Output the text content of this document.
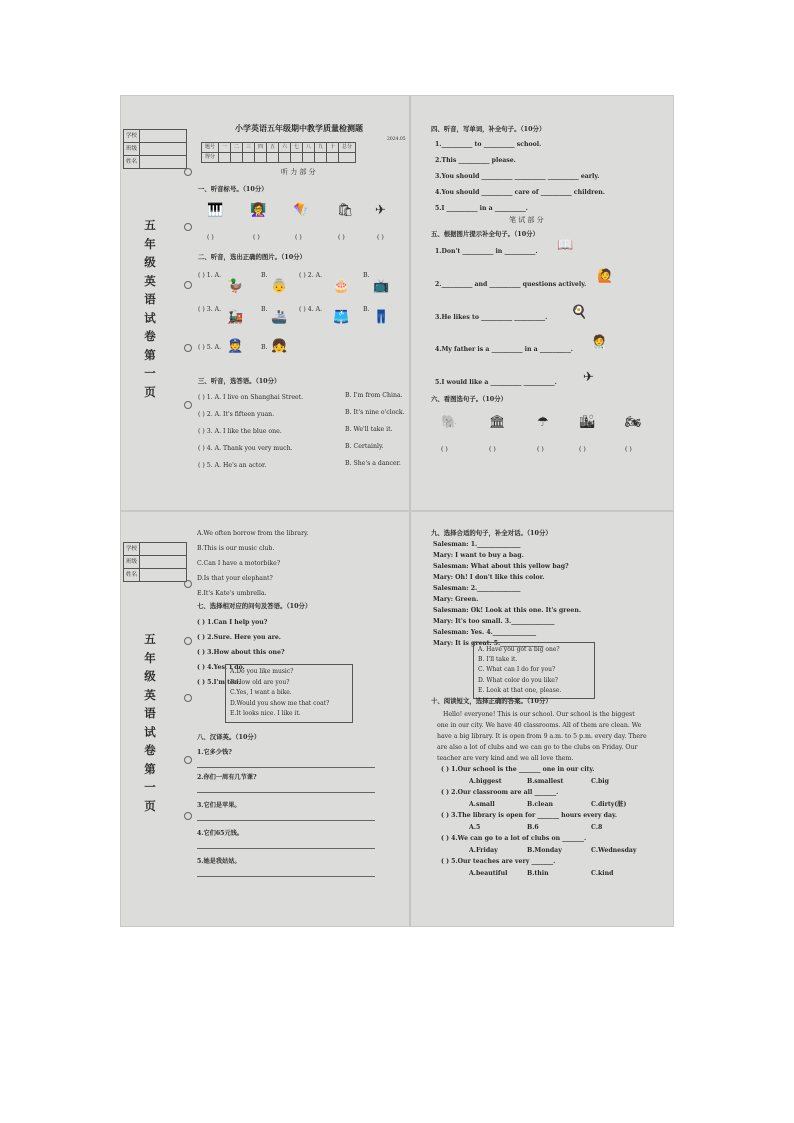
学校	
班级	
姓名	
五
年
级
英
语
试
卷
第
一
页
小学英语五年级期中教学质量检测题
2024.05
题号	一	二	三	四	五	六	七	八	九	十	总分
得分											
听 力 部 分
一、听音标号。（10分）
🎹 👩‍🏫 🪁 🛍 ✈
( )	( )	( )	( )	( )
二、听音，选出正确的图片。（10分）
( ) 1. A.
🦆
B.
👵
( ) 2. A.
🎂
B.
📺
( ) 3. A.
🚂
B.
🚢
( ) 4. A.
🩳
B.
👖
( ) 5. A. 👮	B. 👧
三、听音，选答语。（10分）
( ) 1. A. I live on Shanghai Street.	B. I'm from China.
( ) 2. A. It's fifteen yuan.	B. It's nine o'clock.
( ) 3. A. I like the blue one.	B. We'll take it.
( ) 4. A. Thank you very much.	B. Certainly.
( ) 5. A. He's an actor.	B. She's a dancer.
四、听音，写单词，补全句子。（10分）
1.__________ to __________ school.
2.This __________ please.
3.You should __________ __________ __________ early.
4.You should __________ care of __________ children.
5.I __________ in a __________.
笔 试 部 分
五、根据图片提示补全句子。（10分）
1.Don't __________ in __________. 📖
2.__________ and __________ questions actively.
🙋
3.He likes to __________ __________. 🍳
4.My father is a __________ in a __________. 🧑‍⚕️
5.I would like a __________ __________. ✈
六、看图选句子。（10分）
🐘 🏛 ☂ 🏙 🏍
( )	( )	( )	( )	( )
学校	
班级	
姓名	
五
年
级
英
语
试
卷
第
一
页
A.We often borrow from the library.
B.This is our music club.
C.Can I have a motorbike?
D.Is that your elephant?
E.It's Kate's umbrella.
七、选择相对应的问句及答语。（10分）
( ) 1.Can I help you?
( ) 2.Sure. Here you are.
( ) 3.How about this one?
( ) 4.Yes, I do.
( ) 5.I'm ten.
A.Do you like music?
B.How old are you?
C.Yes, I want a bike.
D.Would you show me that coat?
E.It looks nice. I like it.
八、汉译英。（10分）
1.它多少钱?
2.你们一周有几节课?
3.它们是苹果。
4.它们65元钱。
5.她是我姑姑。
九、选择合适的句子，补全对话。（10分）
Salesman: 1.______________
Mary: I want to buy a bag.
Salesman: What about this yellow bag?
Mary: Oh! I don't like this color.
Salesman: 2.______________
Mary: Green.
Salesman: Ok! Look at this one. It's green.
Mary: It's too small. 3.______________
Salesman: Yes. 4.______________
Mary: It is great. 5.______________
A. Have you got a big one?
B. I'll take it.
C. What can I do for you?
D. What color do you like?
E. Look at that one, please.
十、阅读短文，选择正确的答案。（10分）
Hello! everyone! This is our school. Our school is the biggest
one in our city. We have 40 classrooms. All of them are clean. We
have a big library. It is open from 9 a.m. to 5 p.m. every day. There
are also a lot of clubs and we can go to the clubs on Friday. Our
teacher are very kind and we all love them.
( ) 1.Our school is the _______ one in our city.
A.biggest	B.smallest	C.big
( ) 2.Our classroom are all _______.
A.small	B.clean	C.dirty(脏)
( ) 3.The library is open for _______ hours every day.
A.5	B.6	C.8
( ) 4.We can go to a lot of clubs on _______.
A.Friday	B.Monday	C.Wednesday
( ) 5.Our teaches are very _______.
A.beautiful	B.thin	C.kind
